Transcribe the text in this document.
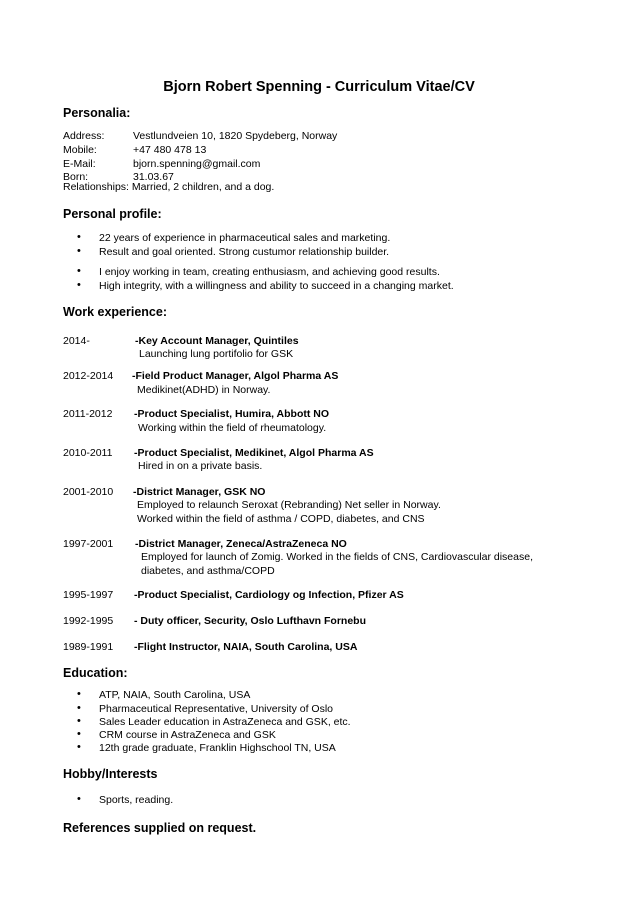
Bjorn Robert Spenning - Curriculum Vitae/CV
Personalia:
Address:	Vestlundveien 10, 1820 Spydeberg, Norway
Mobile:	+47 480 478 13
E-Mail:	bjorn.spenning@gmail.com
Born:	31.03.67
Relationships: Married, 2 children, and a dog.
Personal profile:
• 22 years of experience in pharmaceutical sales and marketing.
• Result and goal oriented. Strong custumor relationship builder.
• I enjoy working in team, creating enthusiasm, and achieving good results.
• High integrity, with a willingness and ability to succeed in a changing market.
Work experience:
2014-	-Key Account Manager, Quintiles
Launching lung portifolio for GSK
2012-2014 -Field Product Manager, Algol Pharma AS
Medikinet(ADHD) in Norway.
2011-2012 -Product Specialist, Humira, Abbott NO
Working within the field of rheumatology.
2010-2011 -Product Specialist, Medikinet, Algol Pharma AS
Hired in on a private basis.
2001-2010 -District Manager, GSK NO
Employed to relaunch Seroxat (Rebranding) Net seller in Norway.
Worked within the field of asthma / COPD, diabetes, and CNS
1997-2001 -District Manager, Zeneca/AstraZeneca NO
Employed for launch of Zomig. Worked in the fields of CNS, Cardiovascular disease,
diabetes, and asthma/COPD
1995-1997 -Product Specialist, Cardiology og Infection, Pfizer AS
1992-1995 - Duty officer, Security, Oslo Lufthavn Fornebu
1989-1991 -Flight Instructor, NAIA, South Carolina, USA
Education:
• ATP, NAIA, South Carolina, USA
• Pharmaceutical Representative, University of Oslo
• Sales Leader education in AstraZeneca and GSK, etc.
• CRM course in AstraZeneca and GSK
• 12th grade graduate, Franklin Highschool TN, USA
Hobby/Interests
• Sports, reading.
References supplied on request.
